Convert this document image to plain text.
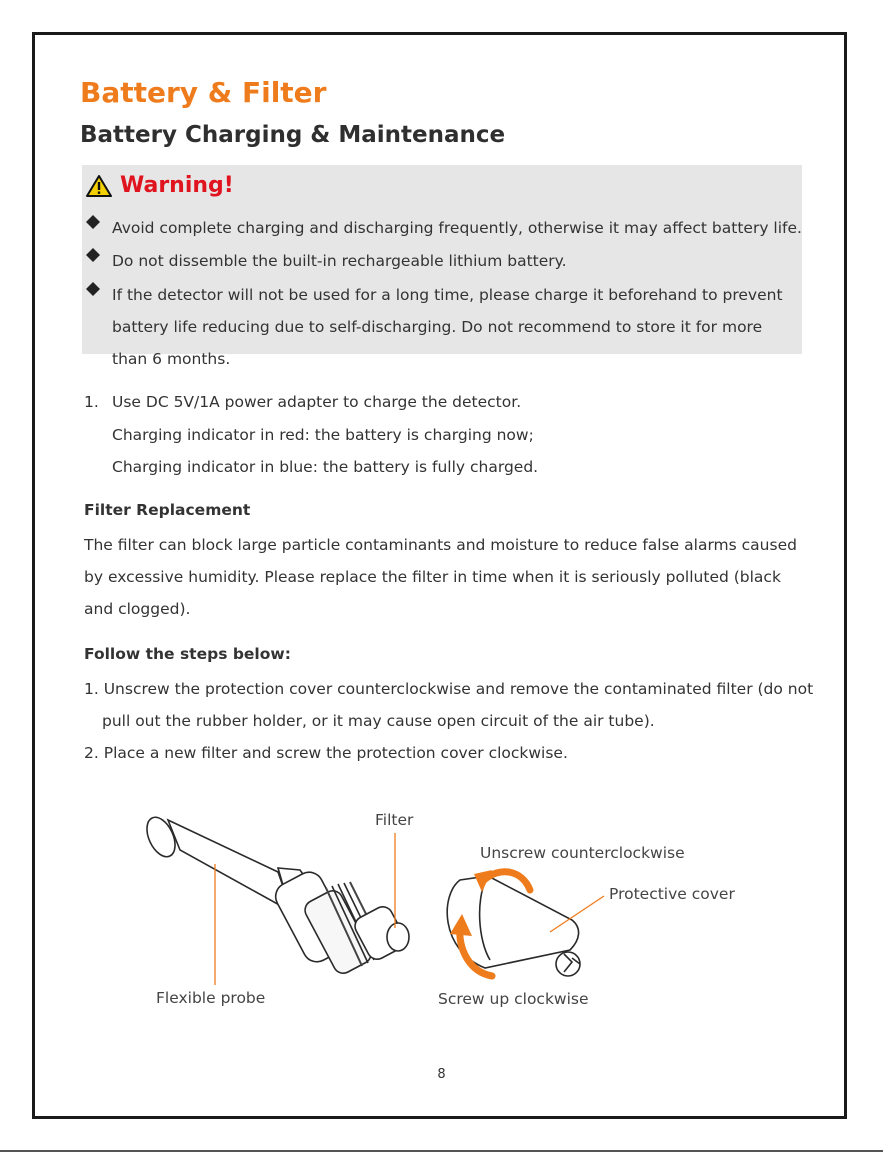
Battery & Filter
Battery Charging & Maintenance
Warning!
Avoid complete charging and discharging frequently, otherwise it may affect battery life.
Do not dissemble the built-in rechargeable lithium battery.
If the detector will not be used for a long time, please charge it beforehand to prevent battery life reducing due to self-discharging. Do not recommend to store it for more than 6 months.
1. Use DC 5V/1A power adapter to charge the detector.
Charging indicator in red: the battery is charging now;
Charging indicator in blue: the battery is fully charged.
Filter Replacement
The filter can block large particle contaminants and moisture to reduce false alarms caused by excessive humidity. Please replace the filter in time when it is seriously polluted (black and clogged).
Follow the steps below:
1. Unscrew the protection cover counterclockwise and remove the contaminated filter (do not pull out the rubber holder, or it may cause open circuit of the air tube).
2. Place a new filter and screw the protection cover clockwise.
Filter
Unscrew counterclockwise
Protective cover
Flexible probe	Screw up clockwise
8
